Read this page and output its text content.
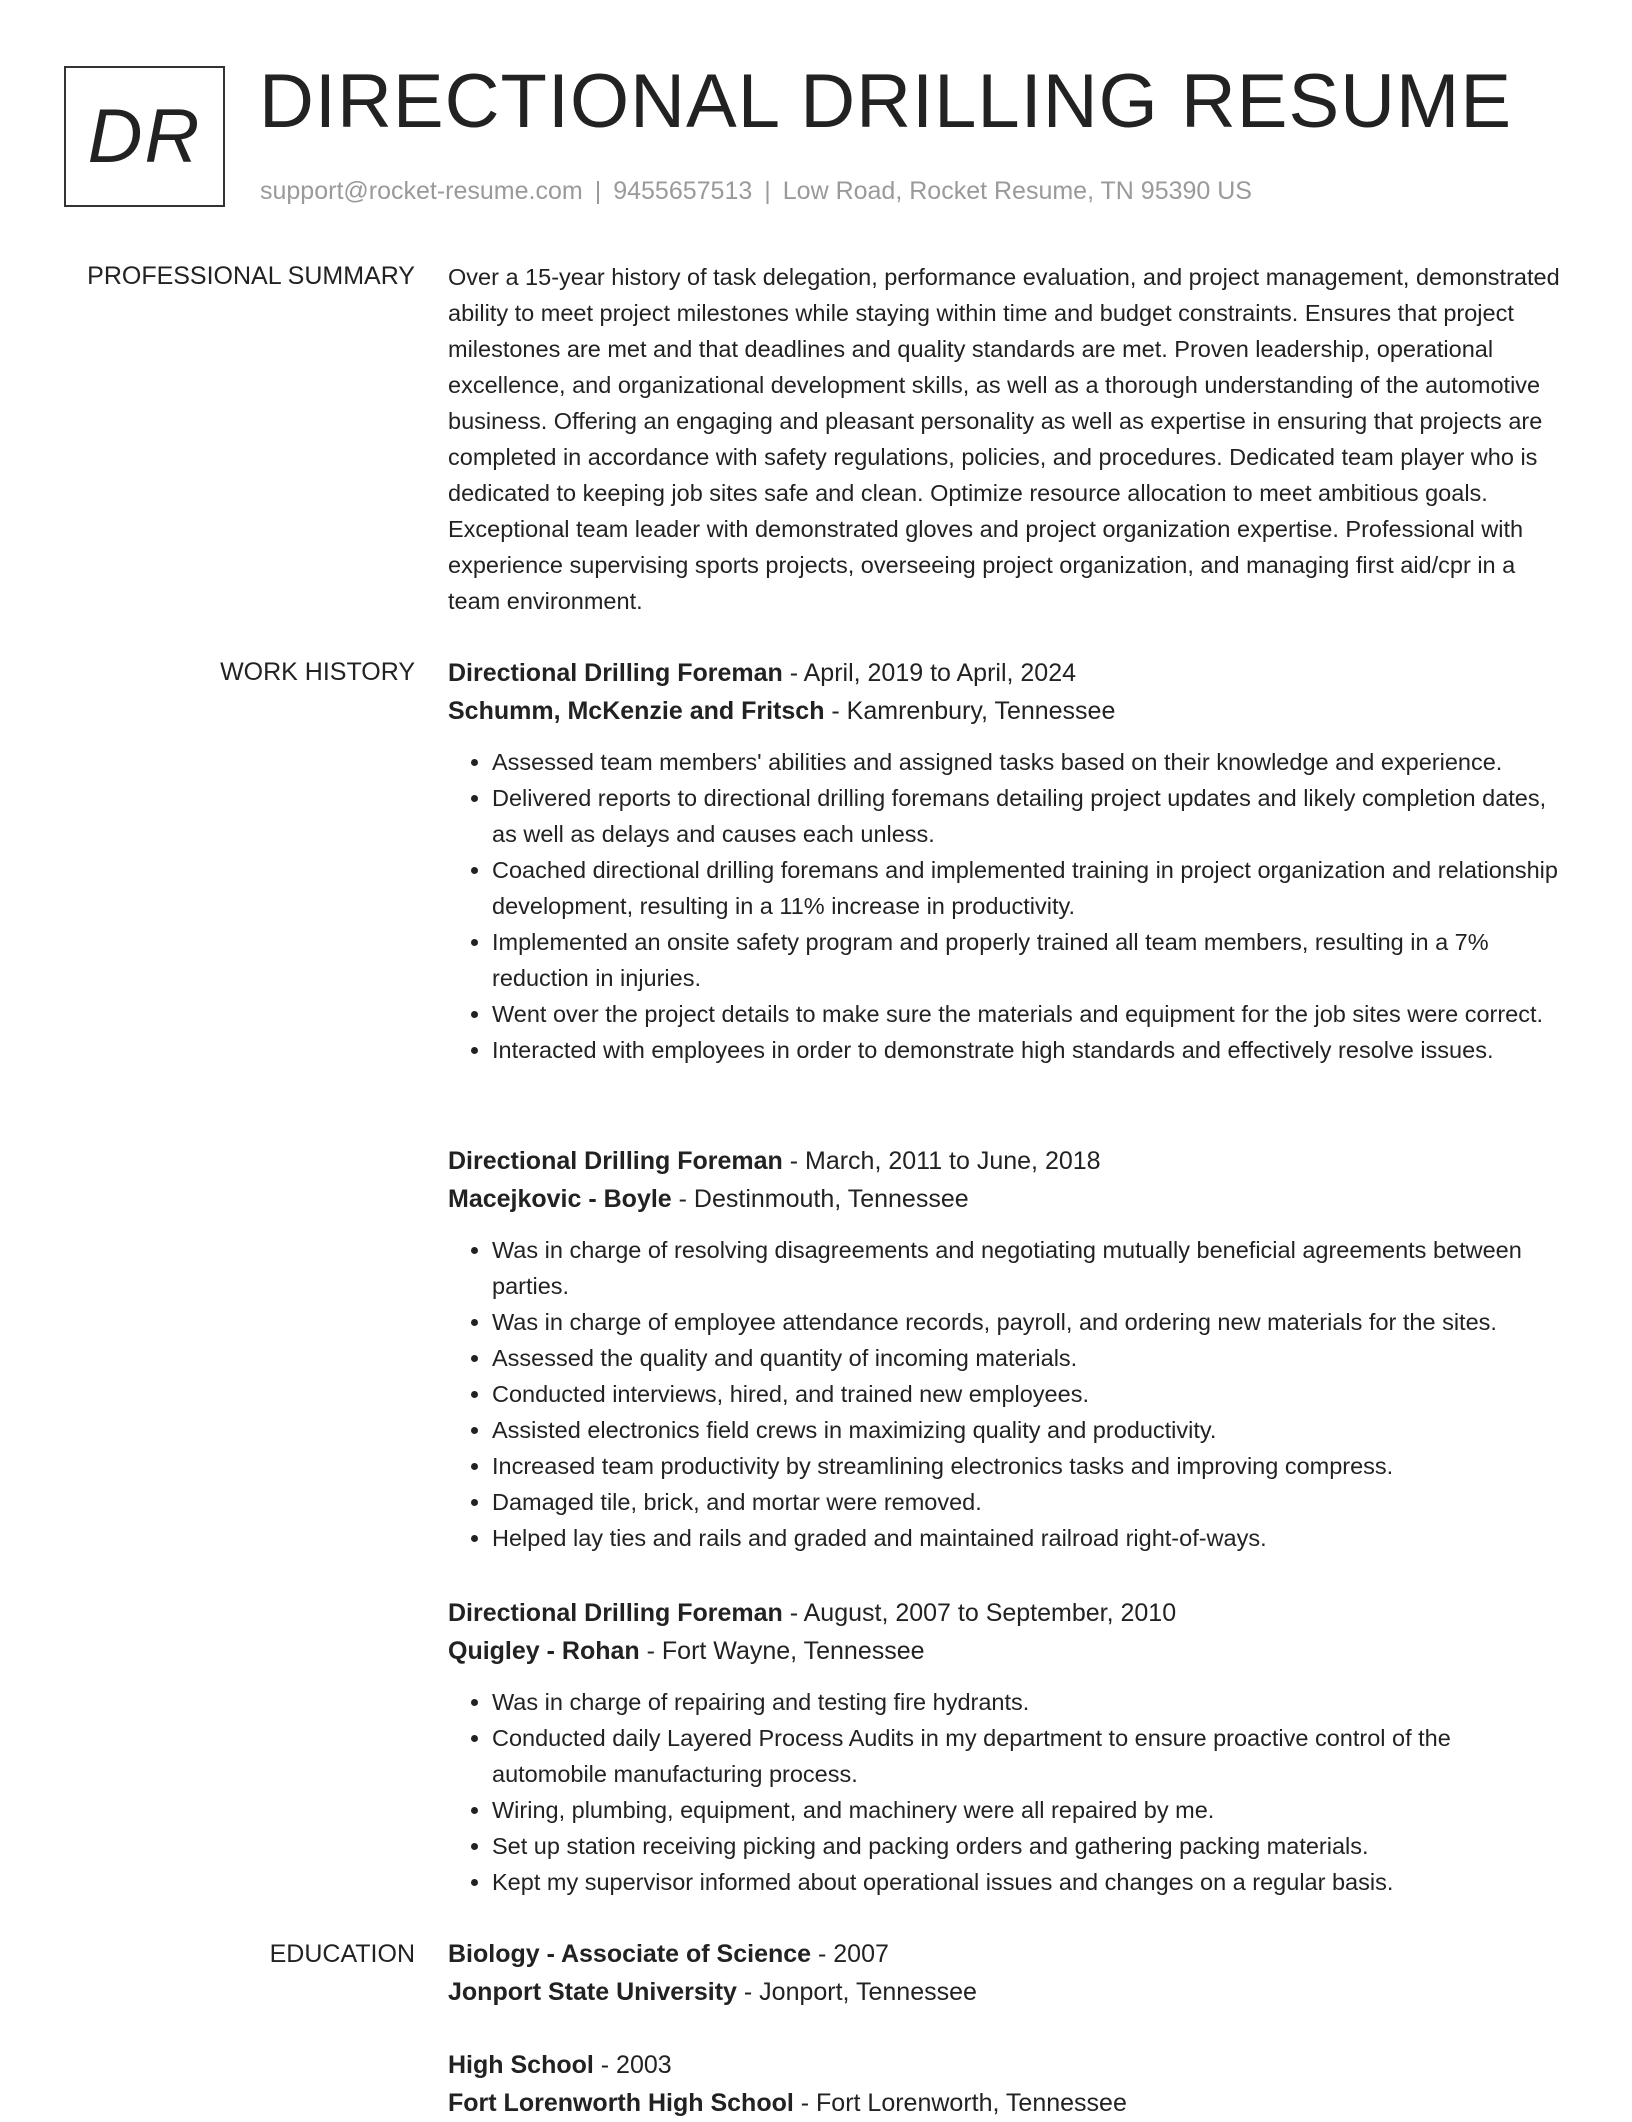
DR DIRECTIONAL DRILLING RESUME
support@rocket-resume.com | 9455657513 | Low Road, Rocket Resume, TN 95390 US
PROFESSIONAL SUMMARY Over a 15-year history of task delegation, performance evaluation, and project management, demonstrated ability to meet project milestones while staying within time and budget constraints. Ensures that project milestones are met and that deadlines and quality standards are met. Proven leadership, operational excellence, and organizational development skills, as well as a thorough understanding of the automotive business. Offering an engaging and pleasant personality as well as expertise in ensuring that projects are completed in accordance with safety regulations, policies, and procedures. Dedicated team player who is dedicated to keeping job sites safe and clean. Optimize resource allocation to meet ambitious goals. Exceptional team leader with demonstrated gloves and project organization expertise. Professional with experience supervising sports projects, overseeing project organization, and managing first aid/cpr in a team environment.

WORK HISTORY Directional Drilling Foreman - April, 2019 to April, 2024
Schumm, McKenzie and Fritsch - Kamrenbury, Tennessee
• Assessed team members' abilities and assigned tasks based on their knowledge and experience.
• Delivered reports to directional drilling foremans detailing project updates and likely completion dates, as well as delays and causes each unless.
• Coached directional drilling foremans and implemented training in project organization and relationship development, resulting in a 11% increase in productivity.
• Implemented an onsite safety program and properly trained all team members, resulting in a 7% reduction in injuries.
• Went over the project details to make sure the materials and equipment for the job sites were correct.
• Interacted with employees in order to demonstrate high standards and effectively resolve issues.
Directional Drilling Foreman - March, 2011 to June, 2018
Macejkovic - Boyle - Destinmouth, Tennessee
• Was in charge of resolving disagreements and negotiating mutually beneficial agreements between parties.
• Was in charge of employee attendance records, payroll, and ordering new materials for the sites.
• Assessed the quality and quantity of incoming materials.
• Conducted interviews, hired, and trained new employees.
• Assisted electronics field crews in maximizing quality and productivity.
• Increased team productivity by streamlining electronics tasks and improving compress.
• Damaged tile, brick, and mortar were removed.
• Helped lay ties and rails and graded and maintained railroad right-of-ways.
Directional Drilling Foreman - August, 2007 to September, 2010
Quigley - Rohan - Fort Wayne, Tennessee
• Was in charge of repairing and testing fire hydrants.
• Conducted daily Layered Process Audits in my department to ensure proactive control of the automobile manufacturing process.
• Wiring, plumbing, equipment, and machinery were all repaired by me.
• Set up station receiving picking and packing orders and gathering packing materials.
• Kept my supervisor informed about operational issues and changes on a regular basis.
EDUCATION Biology - Associate of Science - 2007
Jonport State University - Jonport, Tennessee
High School - 2003
Fort Lorenworth High School - Fort Lorenworth, Tennessee
